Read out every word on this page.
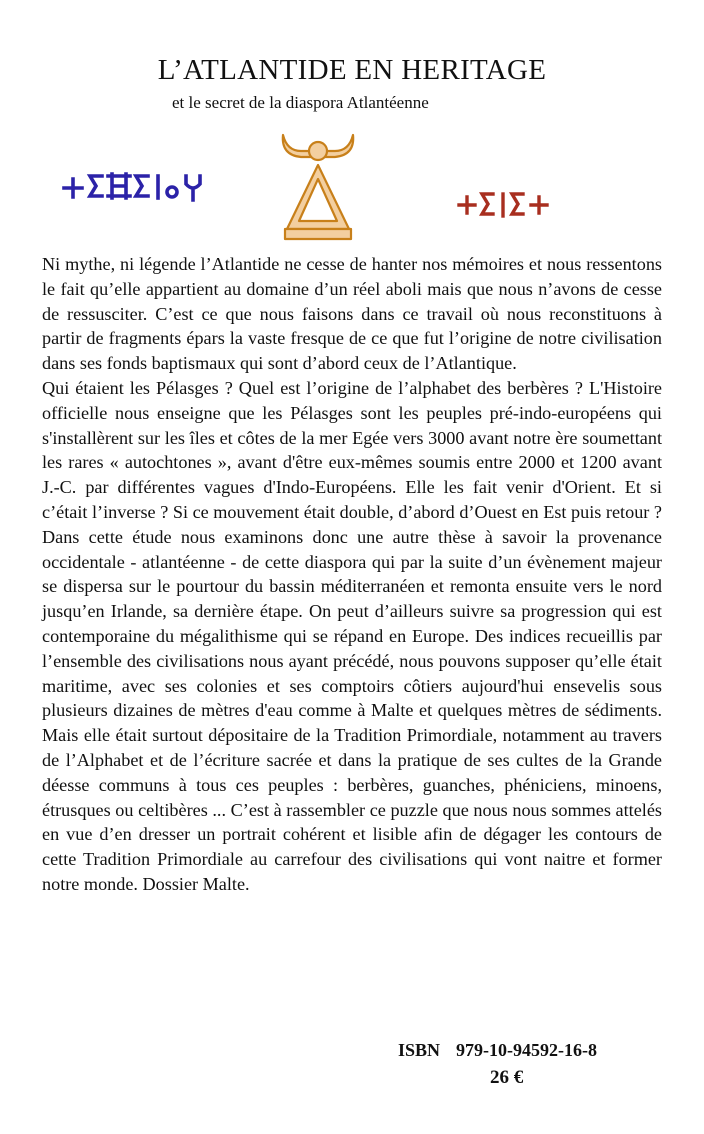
L’ATLANTIDE EN HERITAGE
et le secret de la diaspora Atlantéenne

Ni mythe, ni légende l’Atlantide ne cesse de hanter nos mémoires et nous ressentons le fait qu’elle appartient au domaine d’un réel aboli mais que nous n’avons de cesse de ressusciter. C’est ce que nous faisons dans ce travail où nous reconstituons à partir de fragments épars la vaste fresque de ce que fut l’origine de notre civilisation dans ses fonds baptismaux qui sont d’abord ceux de l’Atlantique.

Qui étaient les Pélasges ? Quel est l’origine de l’alphabet des berbères ? L'Histoire officielle nous enseigne que les Pélasges sont les peuples pré-indo-européens qui s'installèrent sur les îles et côtes de la mer Egée vers 3000 avant notre ère soumettant les rares « autochtones », avant d'être eux-mêmes soumis entre 2000 et 1200 avant J.-C. par différentes vagues d'Indo-Européens. Elle les fait venir d'Orient. Et si c’était l’inverse ? Si ce mouvement était double, d’abord d’Ouest en Est puis retour ? Dans cette étude nous examinons donc une autre thèse à savoir la provenance occidentale - atlantéenne - de cette diaspora qui par la suite d’un évènement majeur se dispersa sur le pourtour du bassin méditerranéen et remonta ensuite vers le nord jusqu’en Irlande, sa dernière étape. On peut d’ailleurs suivre sa progression qui est contemporaine du mégalithisme qui se répand en Europe. Des indices recueillis par l’ensemble des civilisations nous ayant précédé, nous pouvons supposer qu’elle était maritime, avec ses colonies et ses comptoirs côtiers aujourd'hui ensevelis sous plusieurs dizaines de mètres d'eau comme à Malte et quelques mètres de sédiments. Mais elle était surtout dépositaire de la Tradition Primordiale, notamment au travers de l’Alphabet et de l’écriture sacrée et dans la pratique de ses cultes de la Grande déesse communs à tous ces peuples : berbères, guanches, phéniciens, minoens, étrusques ou celtibères ... C’est à rassembler ce puzzle que nous nous sommes attelés en vue d’en dresser un portrait cohérent et lisible afin de dégager les contours de cette Tradition Primordiale au carrefour des civilisations qui vont naitre et former notre monde. Dossier Malte.

ISBN 979-10-94592-16-8
26 €
